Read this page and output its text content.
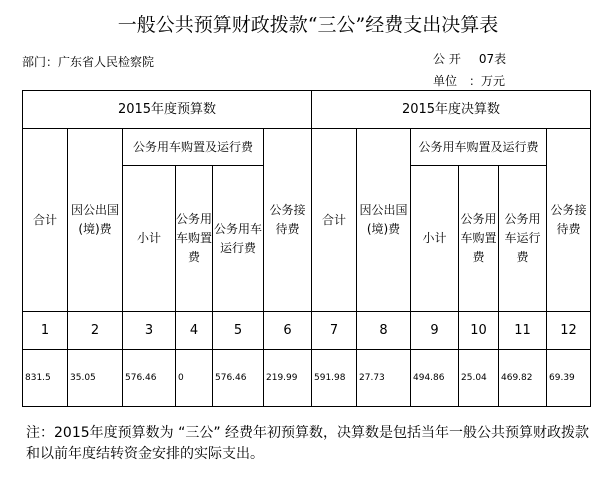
一般公共预算财政拨款“三公”经费支出决算表
部门：广东省人民检察院	公 开 07表
单位 ：万元
2015年度预算数						2015年度决算数					
合计	因公出国(境)费	公务用车购置及运行费			公务接待费	合计	因公出国(境)费	公务用车购置及运行费			公务接待费
		小计	公务用车购置费	公务用车运行费				小计	公务用车购置费	公务用车运行费	
1	2	3	4	5	6	7	8	9	10	11	12
831.5	35.05	576.46	0	576.46	219.99	591.98	27.73	494.86	25.04	469.82	69.39
注：2015年度预算数为 “三公” 经费年初预算数，决算数是包括当年一般公共预算财政拨款和以前年度结转资金安排的实际支出。
